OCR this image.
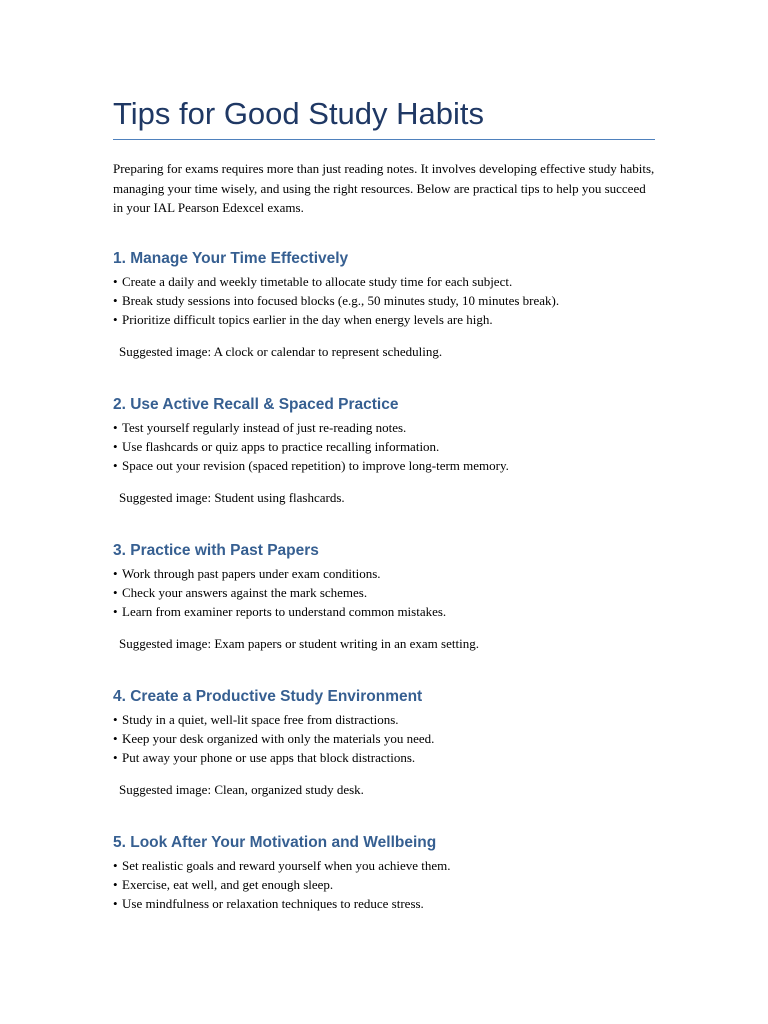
Tips for Good Study Habits

Preparing for exams requires more than just reading notes. It involves developing effective study habits, managing your time wisely, and using the right resources. Below are practical tips to help you succeed in your IAL Pearson Edexcel exams.

1. Manage Your Time Effectively
• Create a daily and weekly timetable to allocate study time for each subject.
• Break study sessions into focused blocks (e.g., 50 minutes study, 10 minutes break).
• Prioritize difficult topics earlier in the day when energy levels are high.

Suggested image: A clock or calendar to represent scheduling.

2. Use Active Recall & Spaced Practice
• Test yourself regularly instead of just re-reading notes.
• Use flashcards or quiz apps to practice recalling information.
• Space out your revision (spaced repetition) to improve long-term memory.

Suggested image: Student using flashcards.

3. Practice with Past Papers
• Work through past papers under exam conditions.
• Check your answers against the mark schemes.
• Learn from examiner reports to understand common mistakes.

Suggested image: Exam papers or student writing in an exam setting.

4. Create a Productive Study Environment
• Study in a quiet, well-lit space free from distractions.
• Keep your desk organized with only the materials you need.
• Put away your phone or use apps that block distractions.

Suggested image: Clean, organized study desk.

5. Look After Your Motivation and Wellbeing
• Set realistic goals and reward yourself when you achieve them.
• Exercise, eat well, and get enough sleep.
• Use mindfulness or relaxation techniques to reduce stress.
